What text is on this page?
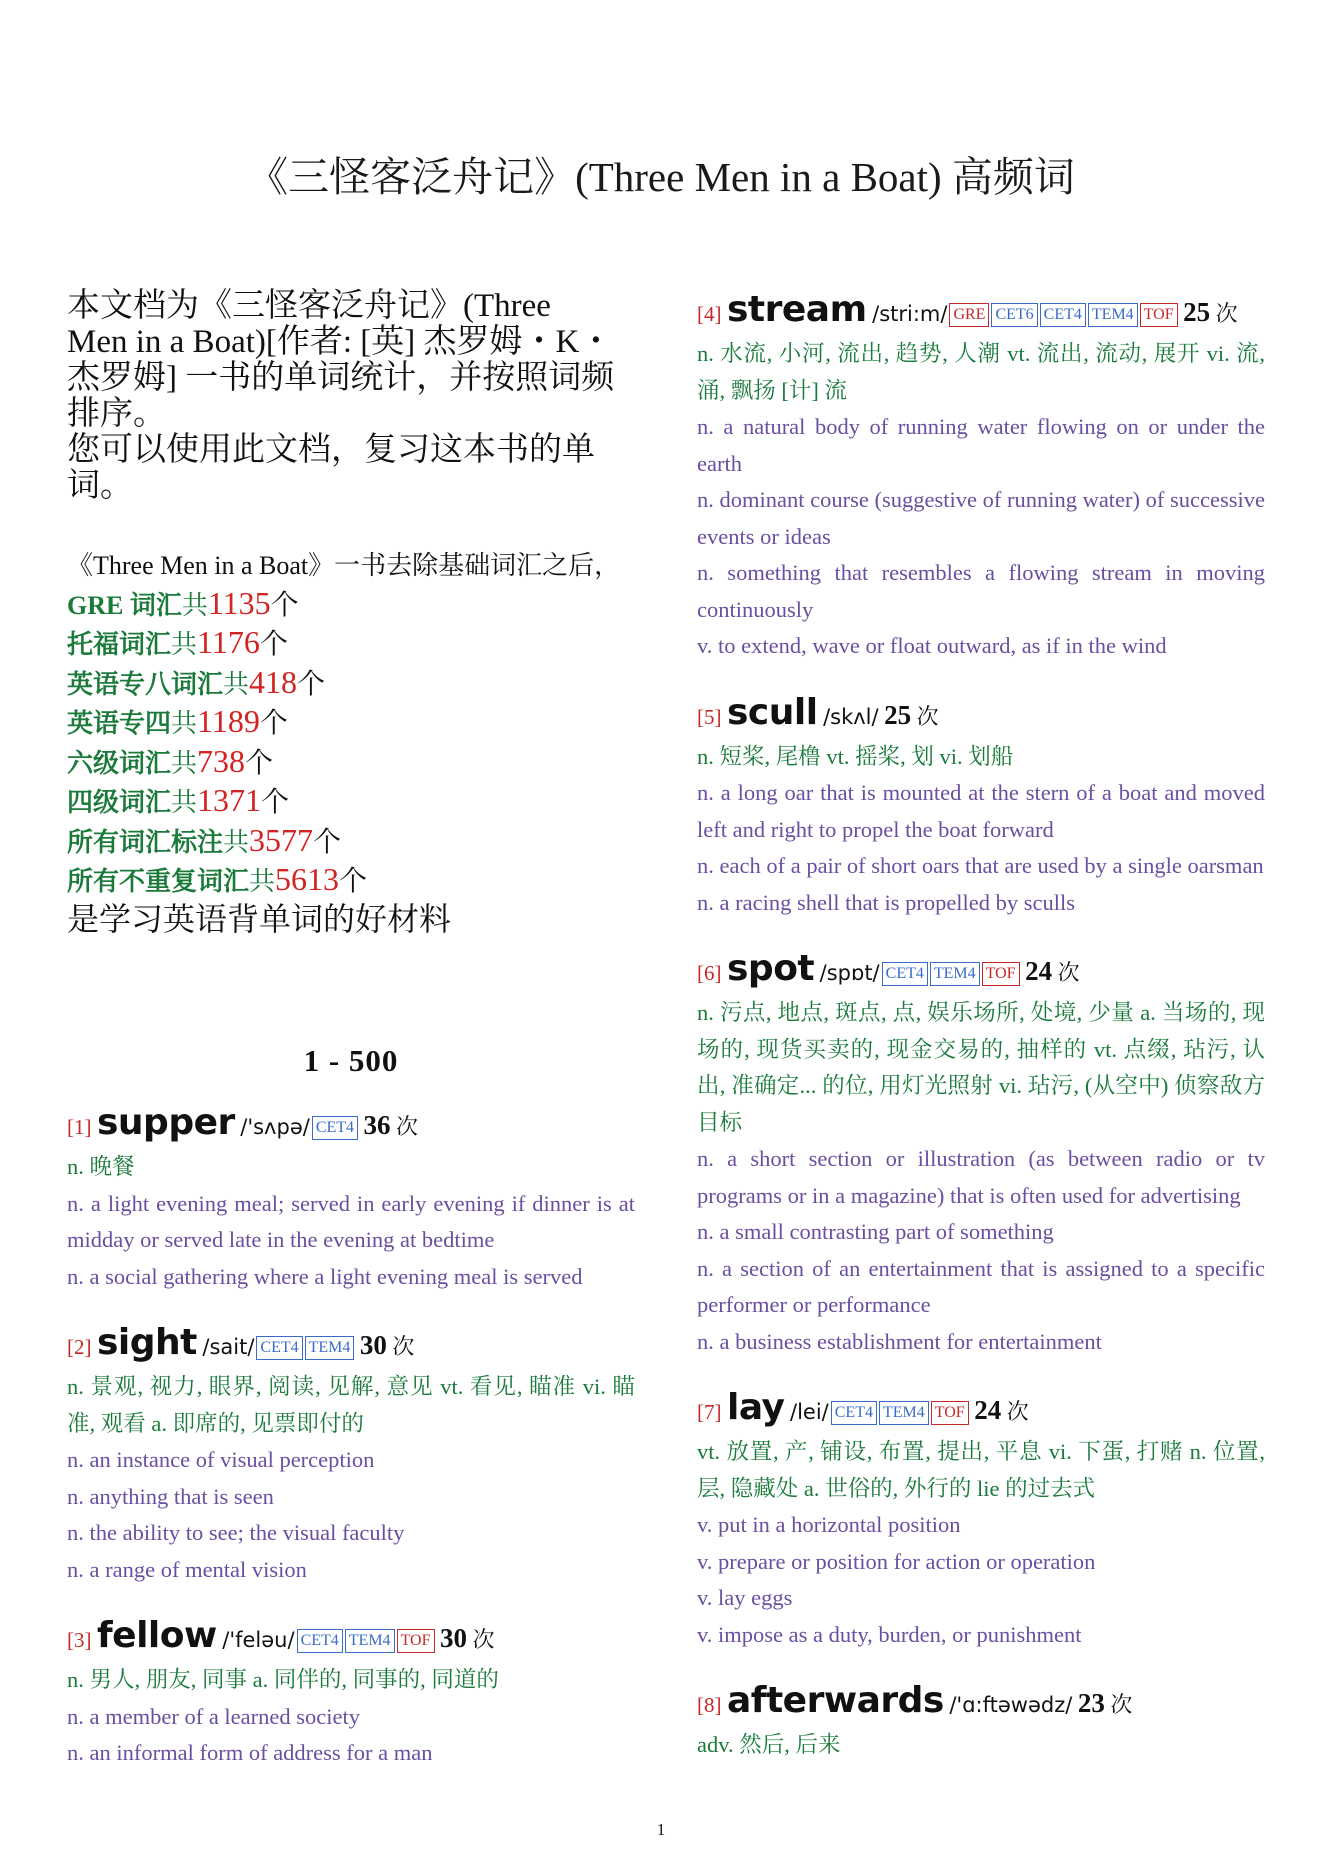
《三怪客泛舟记》(Three Men in a Boat) 高频词
本文档为《三怪客泛舟记》(Three
Men in a Boat)[作者: [英] 杰罗姆・K・
杰罗姆] 一书的单词统计，并按照词频
排序。
您可以使用此文档，复习这本书的单
词。
《Three Men in a Boat》一书去除基础词汇之后，
GRE 词汇共1135个
托福词汇共1176个
英语专八词汇共418个
英语专四共1189个
六级词汇共738个
四级词汇共1371个
所有词汇标注共3577个
所有不重复词汇共5613个
是学习英语背单词的好材料
1 - 500
[1] supper /'sʌpə/ CET4 36 次

n. 晚餐

n. a light evening meal; served in early evening if dinner is at midday or served late in the evening at bedtime

n. a social gathering where a light evening meal is served

[2] sight /sait/ CET4 TEM4 30 次

n. 景观, 视力, 眼界, 阅读, 见解, 意见 vt. 看见, 瞄准 vi. 瞄准, 观看 a. 即席的, 见票即付的

n. an instance of visual perception

n. anything that is seen

n. the ability to see; the visual faculty

n. a range of mental vision

[3] fellow /'feləu/ CET4 TEM4 TOF 30 次

n. 男人, 朋友, 同事 a. 同伴的, 同事的, 同道的

n. a member of a learned society

n. an informal form of address for a man

[4] stream /stri:m/ GRE CET6 CET4 TEM4 TOF 25 次

n. 水流, 小河, 流出, 趋势, 人潮 vt. 流出, 流动, 展开 vi. 流, 涌, 飘扬 [计] 流

n. a natural body of running water flowing on or under the earth

n. dominant course (suggestive of running water) of successive events or ideas

n. something that resembles a flowing stream in moving continuously

v. to extend, wave or float outward, as if in the wind

[5] scull /skʌl/ 25 次

n. 短桨, 尾橹 vt. 摇桨, 划 vi. 划船

n. a long oar that is mounted at the stern of a boat and moved left and right to propel the boat forward

n. each of a pair of short oars that are used by a single oarsman

n. a racing shell that is propelled by sculls

[6] spot /spɒt/ CET4 TEM4 TOF 24 次

n. 污点, 地点, 斑点, 点, 娱乐场所, 处境, 少量 a. 当场的, 现场的, 现货买卖的, 现金交易的, 抽样的 vt. 点缀, 玷污, 认出, 准确定... 的位, 用灯光照射 vi. 玷污, (从空中) 侦察敌方目标

n. a short section or illustration (as between radio or tv programs or in a magazine) that is often used for advertising

n. a small contrasting part of something

n. a section of an entertainment that is assigned to a specific performer or performance

n. a business establishment for entertainment

[7] lay /lei/ CET4 TEM4 TOF 24 次

vt. 放置, 产, 铺设, 布置, 提出, 平息 vi. 下蛋, 打赌 n. 位置, 层, 隐藏处 a. 世俗的, 外行的 lie 的过去式

v. put in a horizontal position

v. prepare or position for action or operation

v. lay eggs

v. impose as a duty, burden, or punishment

[8] afterwards /'ɑ:ftəwədz/ 23 次

adv. 然后, 后来

1
